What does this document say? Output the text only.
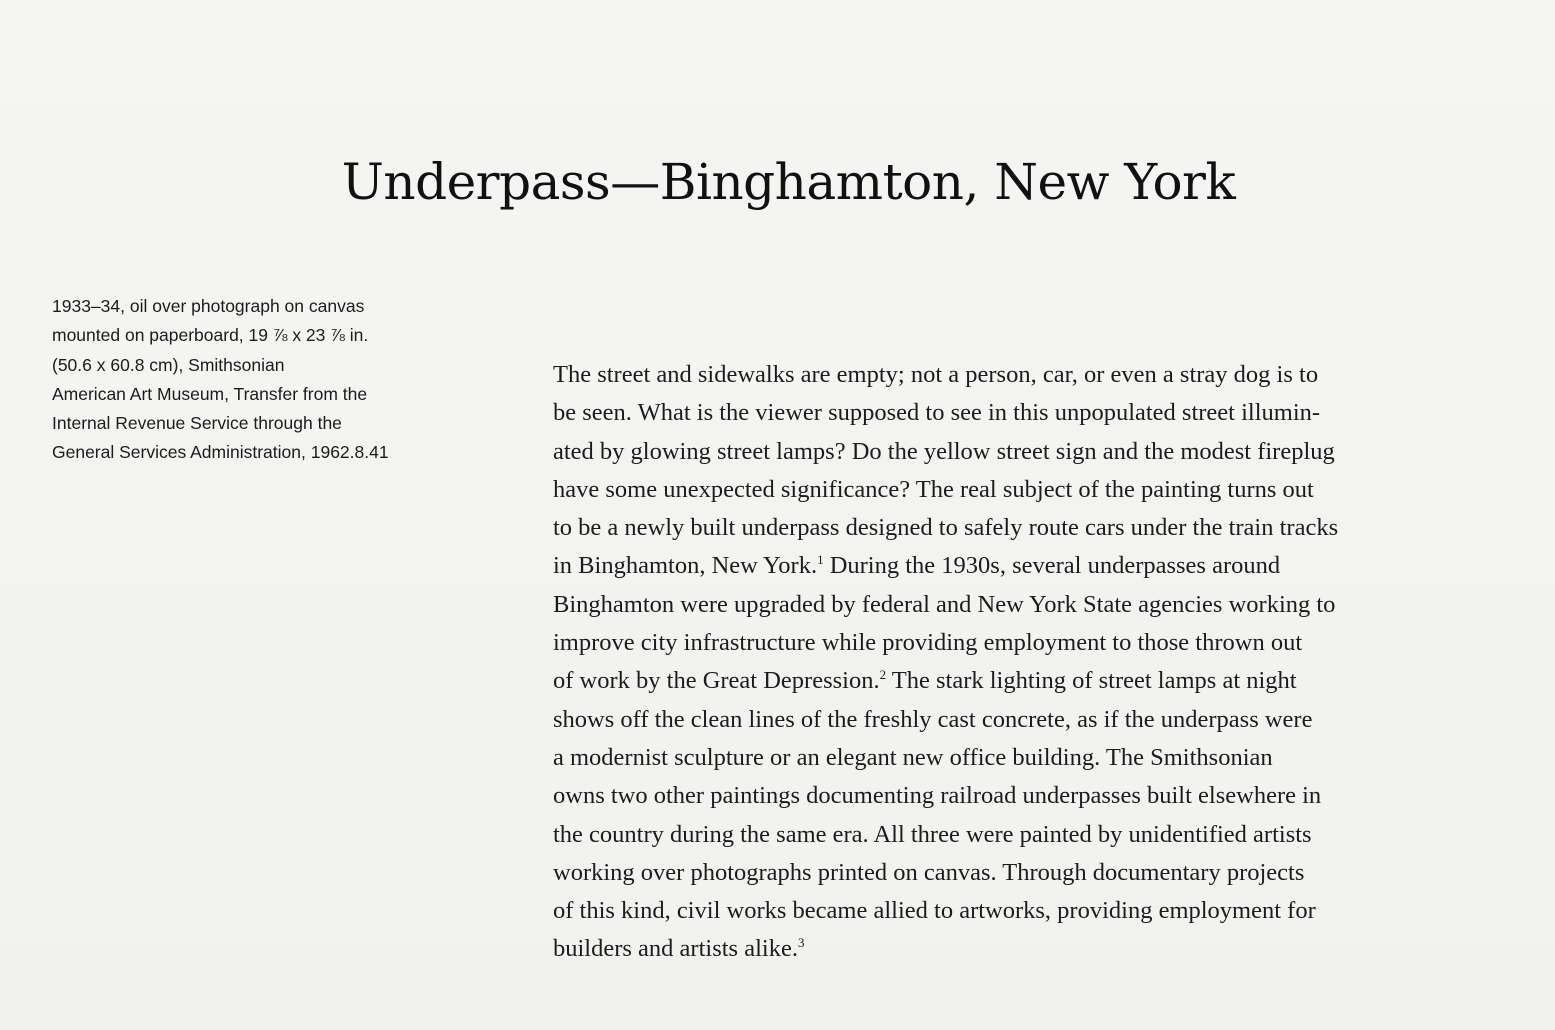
Underpass—Binghamton, New York
1933–34, oil over photograph on canvas
mounted on paperboard, 19 ⅞ x 23 ⅞ in.
(50.6 x 60.8 cm), Smithsonian
American Art Museum, Transfer from the
Internal Revenue Service through the
General Services Administration, 1962.8.41
The street and sidewalks are empty; not a person, car, or even a stray dog is to
be seen. What is the viewer supposed to see in this unpopulated street illumin-
ated by glowing street lamps? Do the yellow street sign and the modest fireplug
have some unexpected significance? The real subject of the painting turns out
to be a newly built underpass designed to safely route cars under the train tracks
in Binghamton, New York.$^1$ During the 1930s, several underpasses around
Binghamton were upgraded by federal and New York State agencies working to
improve city infrastructure while providing employment to those thrown out
of work by the Great Depression.$^2$ The stark lighting of street lamps at night
shows off the clean lines of the freshly cast concrete, as if the underpass were
a modernist sculpture or an elegant new office building. The Smithsonian
owns two other paintings documenting railroad underpasses built elsewhere in
the country during the same era. All three were painted by unidentified artists
working over photographs printed on canvas. Through documentary projects
of this kind, civil works became allied to artworks, providing employment for
builders and artists alike.$^3$
